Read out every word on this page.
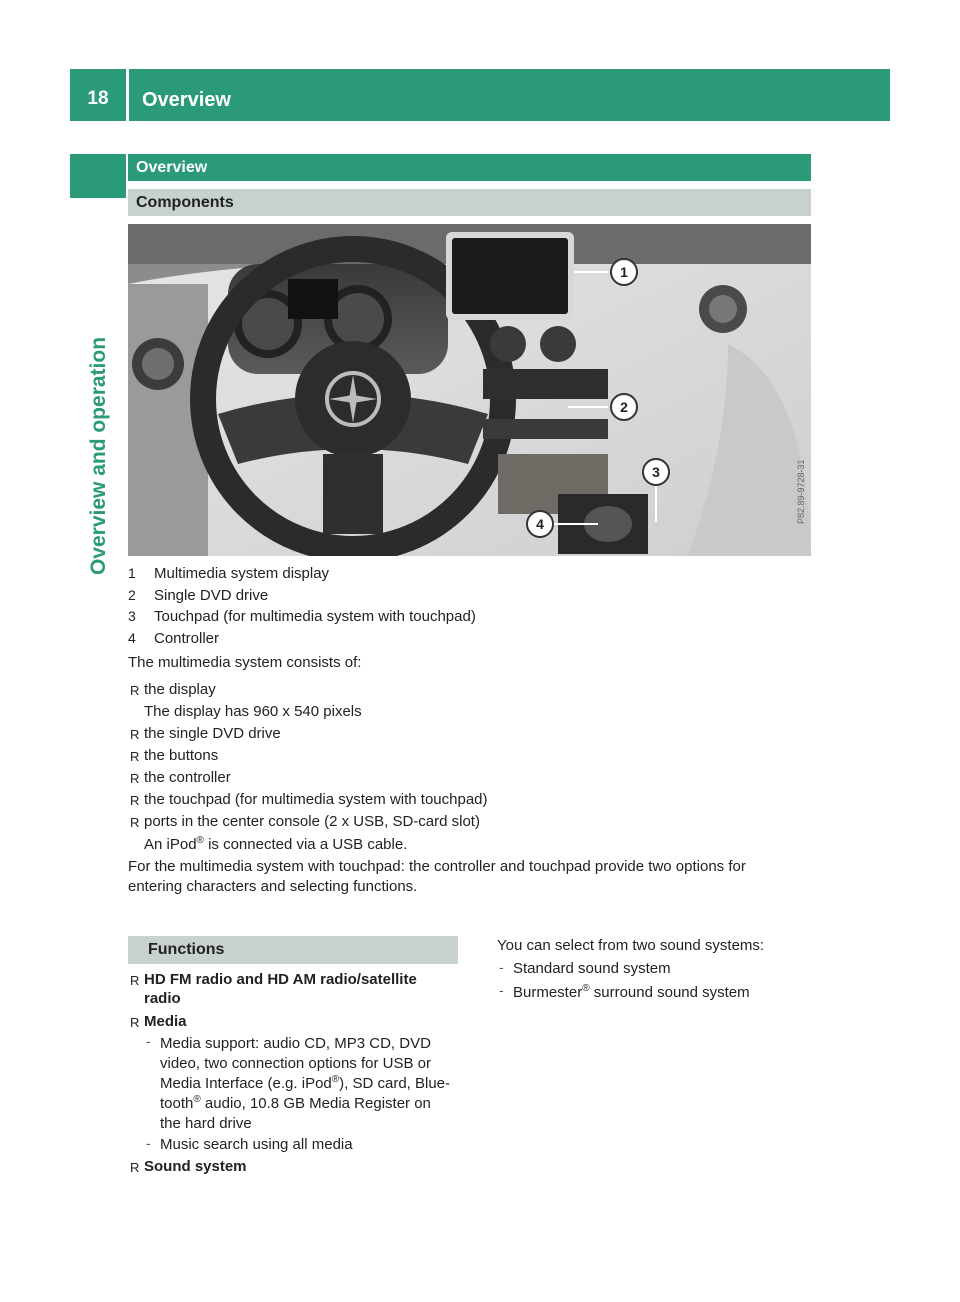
18	Overview
Overview and operation
Overview
Components
P82.89-9728-31
1
2
3
4
1 Multimedia system display
2 Single DVD drive
3 Touchpad (for multimedia system with touchpad)
4 Controller
The multimedia system consists of:
R the display
The display has 960 x 540 pixels
R the single DVD drive
R the buttons
R the controller
R the touchpad (for multimedia system with touchpad)
R ports in the center console (2 x USB, SD-card slot)
An iPod® is connected via a USB cable.
For the multimedia system with touchpad: the controller and touchpad provide two options for
entering characters and selecting functions.
Functions
R HD FM radio and HD AM radio/satellite
radio
R Media
- Media support: audio CD, MP3 CD, DVD
video, two connection options for USB or
Media Interface (e.g. iPod®), SD card, Blue-
tooth® audio, 10.8 GB Media Register on
the hard drive
- Music search using all media
R Sound system
You can select from two sound systems:
- Standard sound system
- Burmester® surround sound system
